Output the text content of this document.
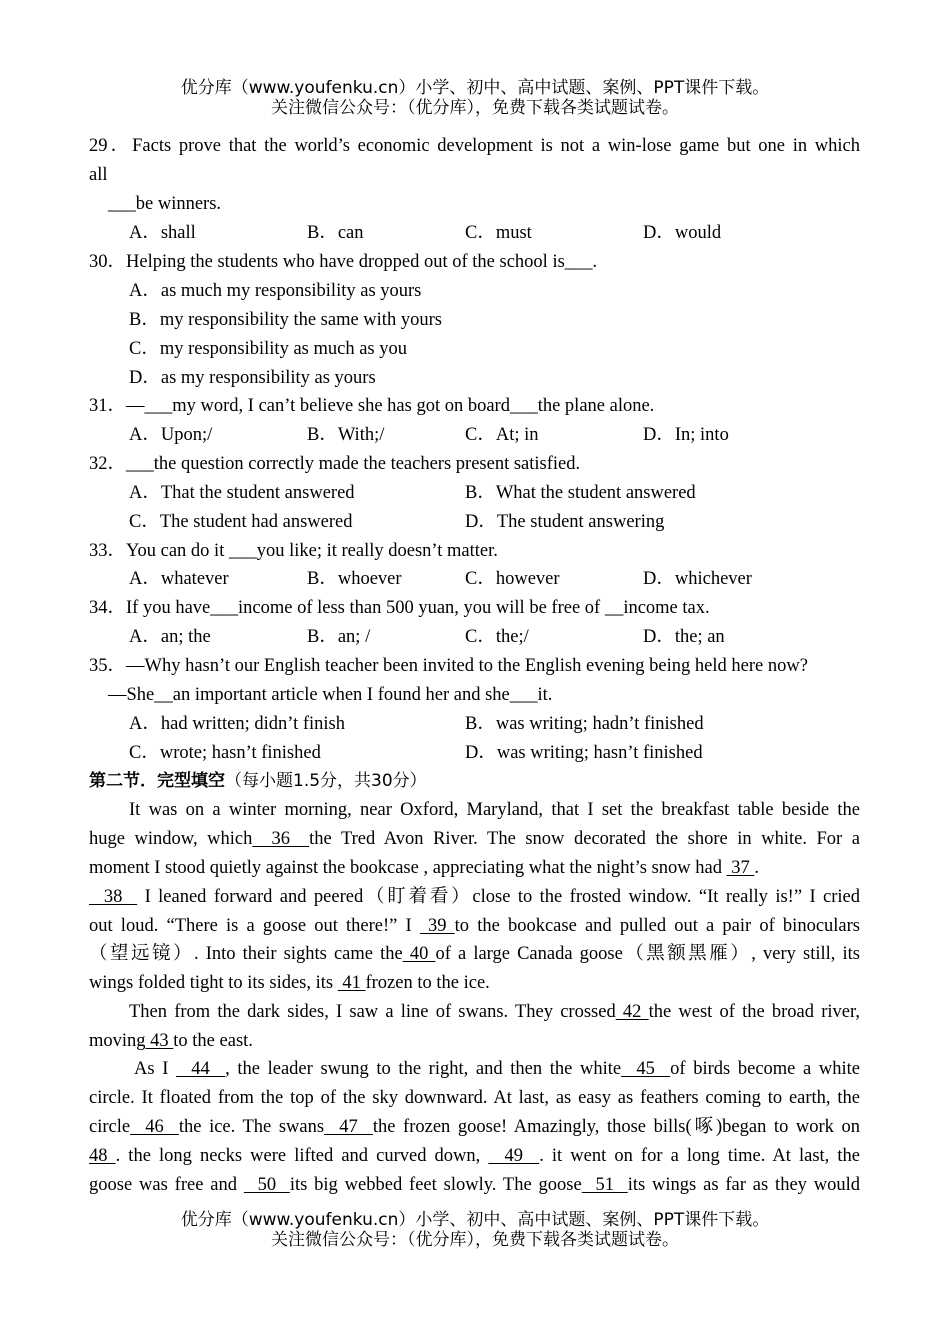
优分库（www.youfenku.cn）小学、初中、高中试题、案例、PPT课件下载。
关注微信公众号：（优分库），免费下载各类试题试卷。
29．Facts prove that the world’s economic development is not a win-lose game but one in which
all
___be winners.
A．shall	B．can	C．must	D．would
30．Helping the students who have dropped out of the school is___.
A．as much my responsibility as yours
B．my responsibility the same with yours
C．my responsibility as much as you
D．as my responsibility as yours
31．—___my word, I can’t believe she has got on board___the plane alone.
A．Upon;/	B．With;/	C．At; in	D．In; into
32．___the question correctly made the teachers present satisfied.
A．That the student answered	B．What the student answered
C．The student had answered	D．The student answering
33．You can do it ___you like; it really doesn’t matter.
A．whatever	B．whoever	C．however	D．whichever
34．If you have___income of less than 500 yuan, you will be free of __income tax.
A．an; the	B．an; /	C．the;/	D．the; an
35．—Why hasn’t our English teacher been invited to the English evening being held here now?
—She__an important article when I found her and she___it.
A．had written; didn’t finish	B．was writing; hadn’t finished
C．wrote; hasn’t finished	D．was writing; hasn’t finished
第二节．完型填空（每小题1.5分，共30分）
It was on a winter morning, near Oxford, Maryland, that I set the breakfast table beside the
huge window, which  36  the Tred Avon River. The snow decorated the shore in white. For a
moment I stood quietly against the bookcase , appreciating what the night’s snow had  37 .
38   I leaned forward and peered（盯着看）close to the frosted window. “It really is!” I cried
out loud. “There is a goose out there!” I  39 to the bookcase and pulled out a pair of binoculars
（望远镜）. Into their sights came the 40 of a large Canada goose（黑额黑雁）, very still, its
wings folded tight to its sides, its  41 frozen to the ice.
Then from the dark sides, I saw a line of swans. They crossed 42 the west of the broad river,
moving 43 to the east.
As I   44  , the leader swung to the right, and then the white  45  of birds become a white
circle. It floated from the top of the sky downward. At last, as easy as feathers coming to earth, the
circle  46  the ice. The swans  47  the frozen goose! Amazingly, those bills(啄)began to work on
48 . the long necks were lifted and curved down,   49  . it went on for a long time. At last, the
goose was free and   50  its big webbed feet slowly. The goose  51  its wings as far as they would
优分库（www.youfenku.cn）小学、初中、高中试题、案例、PPT课件下载。
关注微信公众号：（优分库），免费下载各类试题试卷。
